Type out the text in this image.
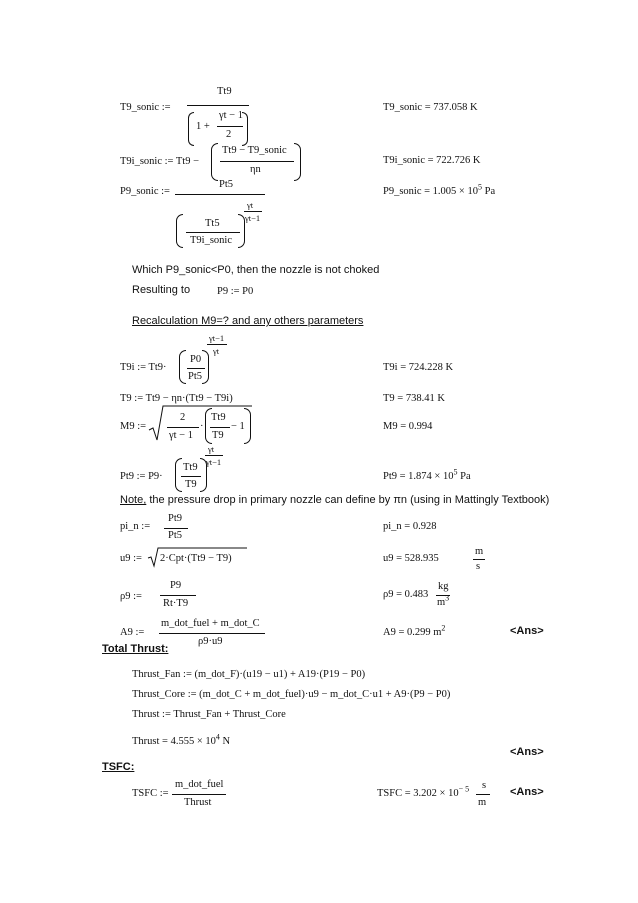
T9_sonic :=
Tt9
1 +
γt − 1
2
T9_sonic = 737.058 K
T9i_sonic := Tt9 −
Tt9 − T9_sonic
ηn
T9i_sonic = 722.726 K
P9_sonic :=
Pt5
γt
γt−1
Tt5
T9i_sonic
P9_sonic = $1.005 \times 10^5$ Pa
Which P9_sonic<P0, then the nozzle is not choked
Resulting to	P9 := P0
Recalculation M9=? and any others parameters
γt−1
γt
T9i := Tt9·
P0
Pt5
T9i = 724.228 K
T9 := Tt9 − ηn·(Tt9 − T9i)	T9 = 738.41 K
M9 :=
2
γt − 1
·
Tt9
T9
− 1	M9 = 0.994
γt
γt−1
Pt9 := P9·
Tt9
T9
$Pt9 = 1.874 \times 10^5$ Pa
Note, the pressure drop in primary nozzle can define by πn (using in Mattingly Textbook)
pi_n :=
Pt9
Pt5
pi_n = 0.928
u9 := 2·Cpt·(Tt9 − T9)	u9 = 528.935
m
s
ρ9 :=
P9
Rt·T9
ρ9 = 0.483
kg
$m^3$
A9 :=
m_dot_fuel + m_dot_C
ρ9·u9
A9 = 0.299 $m^2$	<Ans>
Total Thrust:
Thrust_Fan := (m_dot_F)·(u19 − u1) + A19·(P19 − P0)
Thrust_Core := (m_dot_C + m_dot_fuel)·u9 − m_dot_C·u1 + A9·(P9 − P0)
Thrust := Thrust_Fan + Thrust_Core
Thrust = $4.555 \times 10^4$ N
<Ans>
TSFC:
TSFC :=
m_dot_fuel
Thrust
TSFC = $3.202 \times 10^{- 5}$ s
m
<Ans>
